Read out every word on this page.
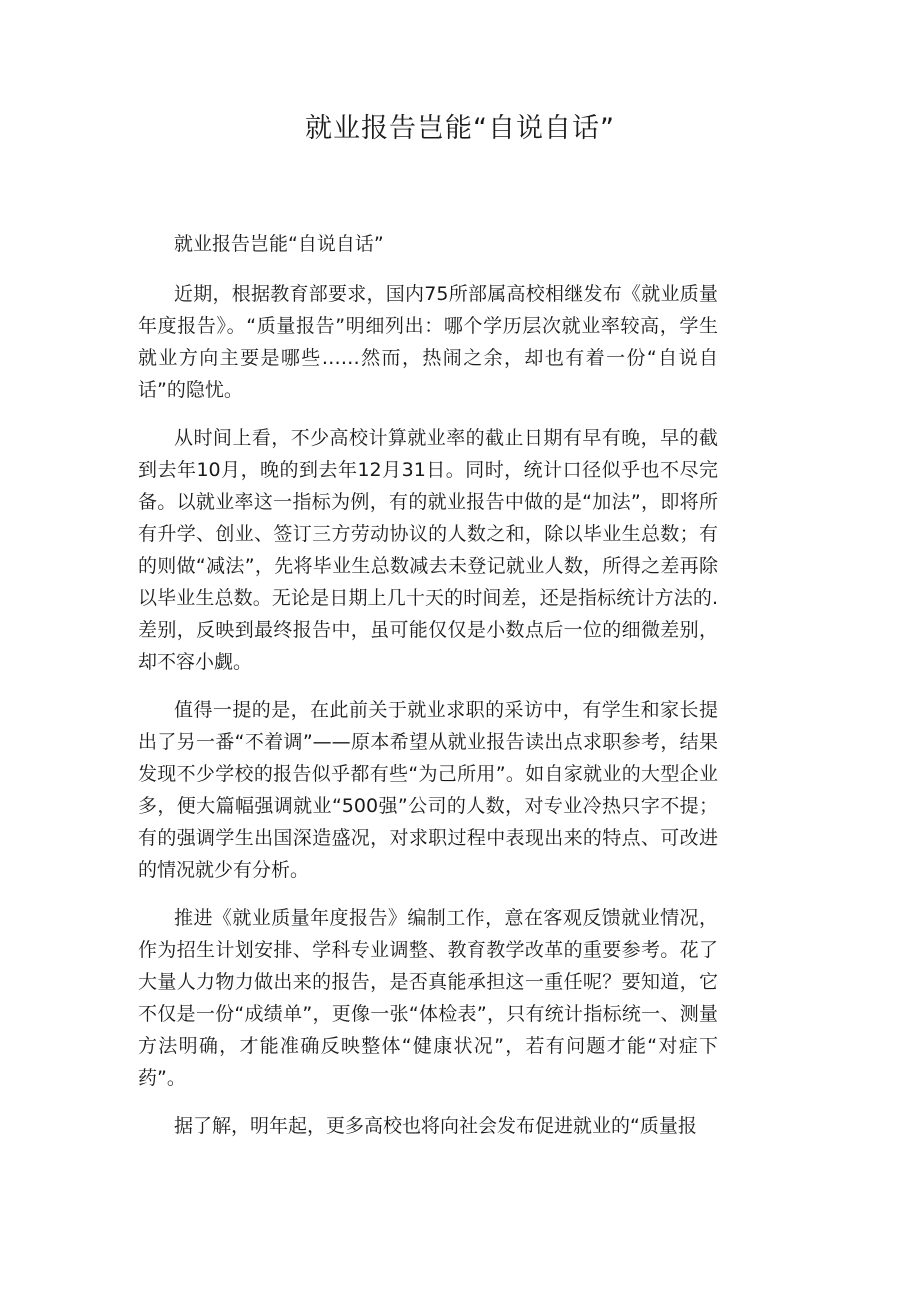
就业报告岂能“自说自话”

就业报告岂能“自说自话”

近期，根据教育部要求，国内75所部属高校相继发布《就业质量年度报告》。“质量报告”明细列出：哪个学历层次就业率较高，学生就业方向主要是哪些……然而，热闹之余，却也有着一份“自说自话”的隐忧。

从时间上看，不少高校计算就业率的截止日期有早有晚，早的截到去年10月，晚的到去年12月31日。同时，统计口径似乎也不尽完备。以就业率这一指标为例，有的就业报告中做的是“加法”，即将所有升学、创业、签订三方劳动协议的人数之和，除以毕业生总数；有的则做“减法”，先将毕业生总数减去未登记就业人数，所得之差再除以毕业生总数。无论是日期上几十天的时间差，还是指标统计方法的.差别，反映到最终报告中，虽可能仅仅是小数点后一位的细微差别，却不容小觑。

值得一提的是，在此前关于就业求职的采访中，有学生和家长提出了另一番“不着调”——原本希望从就业报告读出点求职参考，结果发现不少学校的报告似乎都有些“为己所用”。如自家就业的大型企业多，便大篇幅强调就业“500强”公司的人数，对专业冷热只字不提；有的强调学生出国深造盛况，对求职过程中表现出来的特点、可改进的情况就少有分析。

推进《就业质量年度报告》编制工作，意在客观反馈就业情况，作为招生计划安排、学科专业调整、教育教学改革的重要参考。花了大量人力物力做出来的报告，是否真能承担这一重任呢？要知道，它不仅是一份“成绩单”，更像一张“体检表”，只有统计指标统一、测量方法明确，才能准确反映整体“健康状况”，若有问题才能“对症下药”。

据了解，明年起，更多高校也将向社会发布促进就业的“质量报
